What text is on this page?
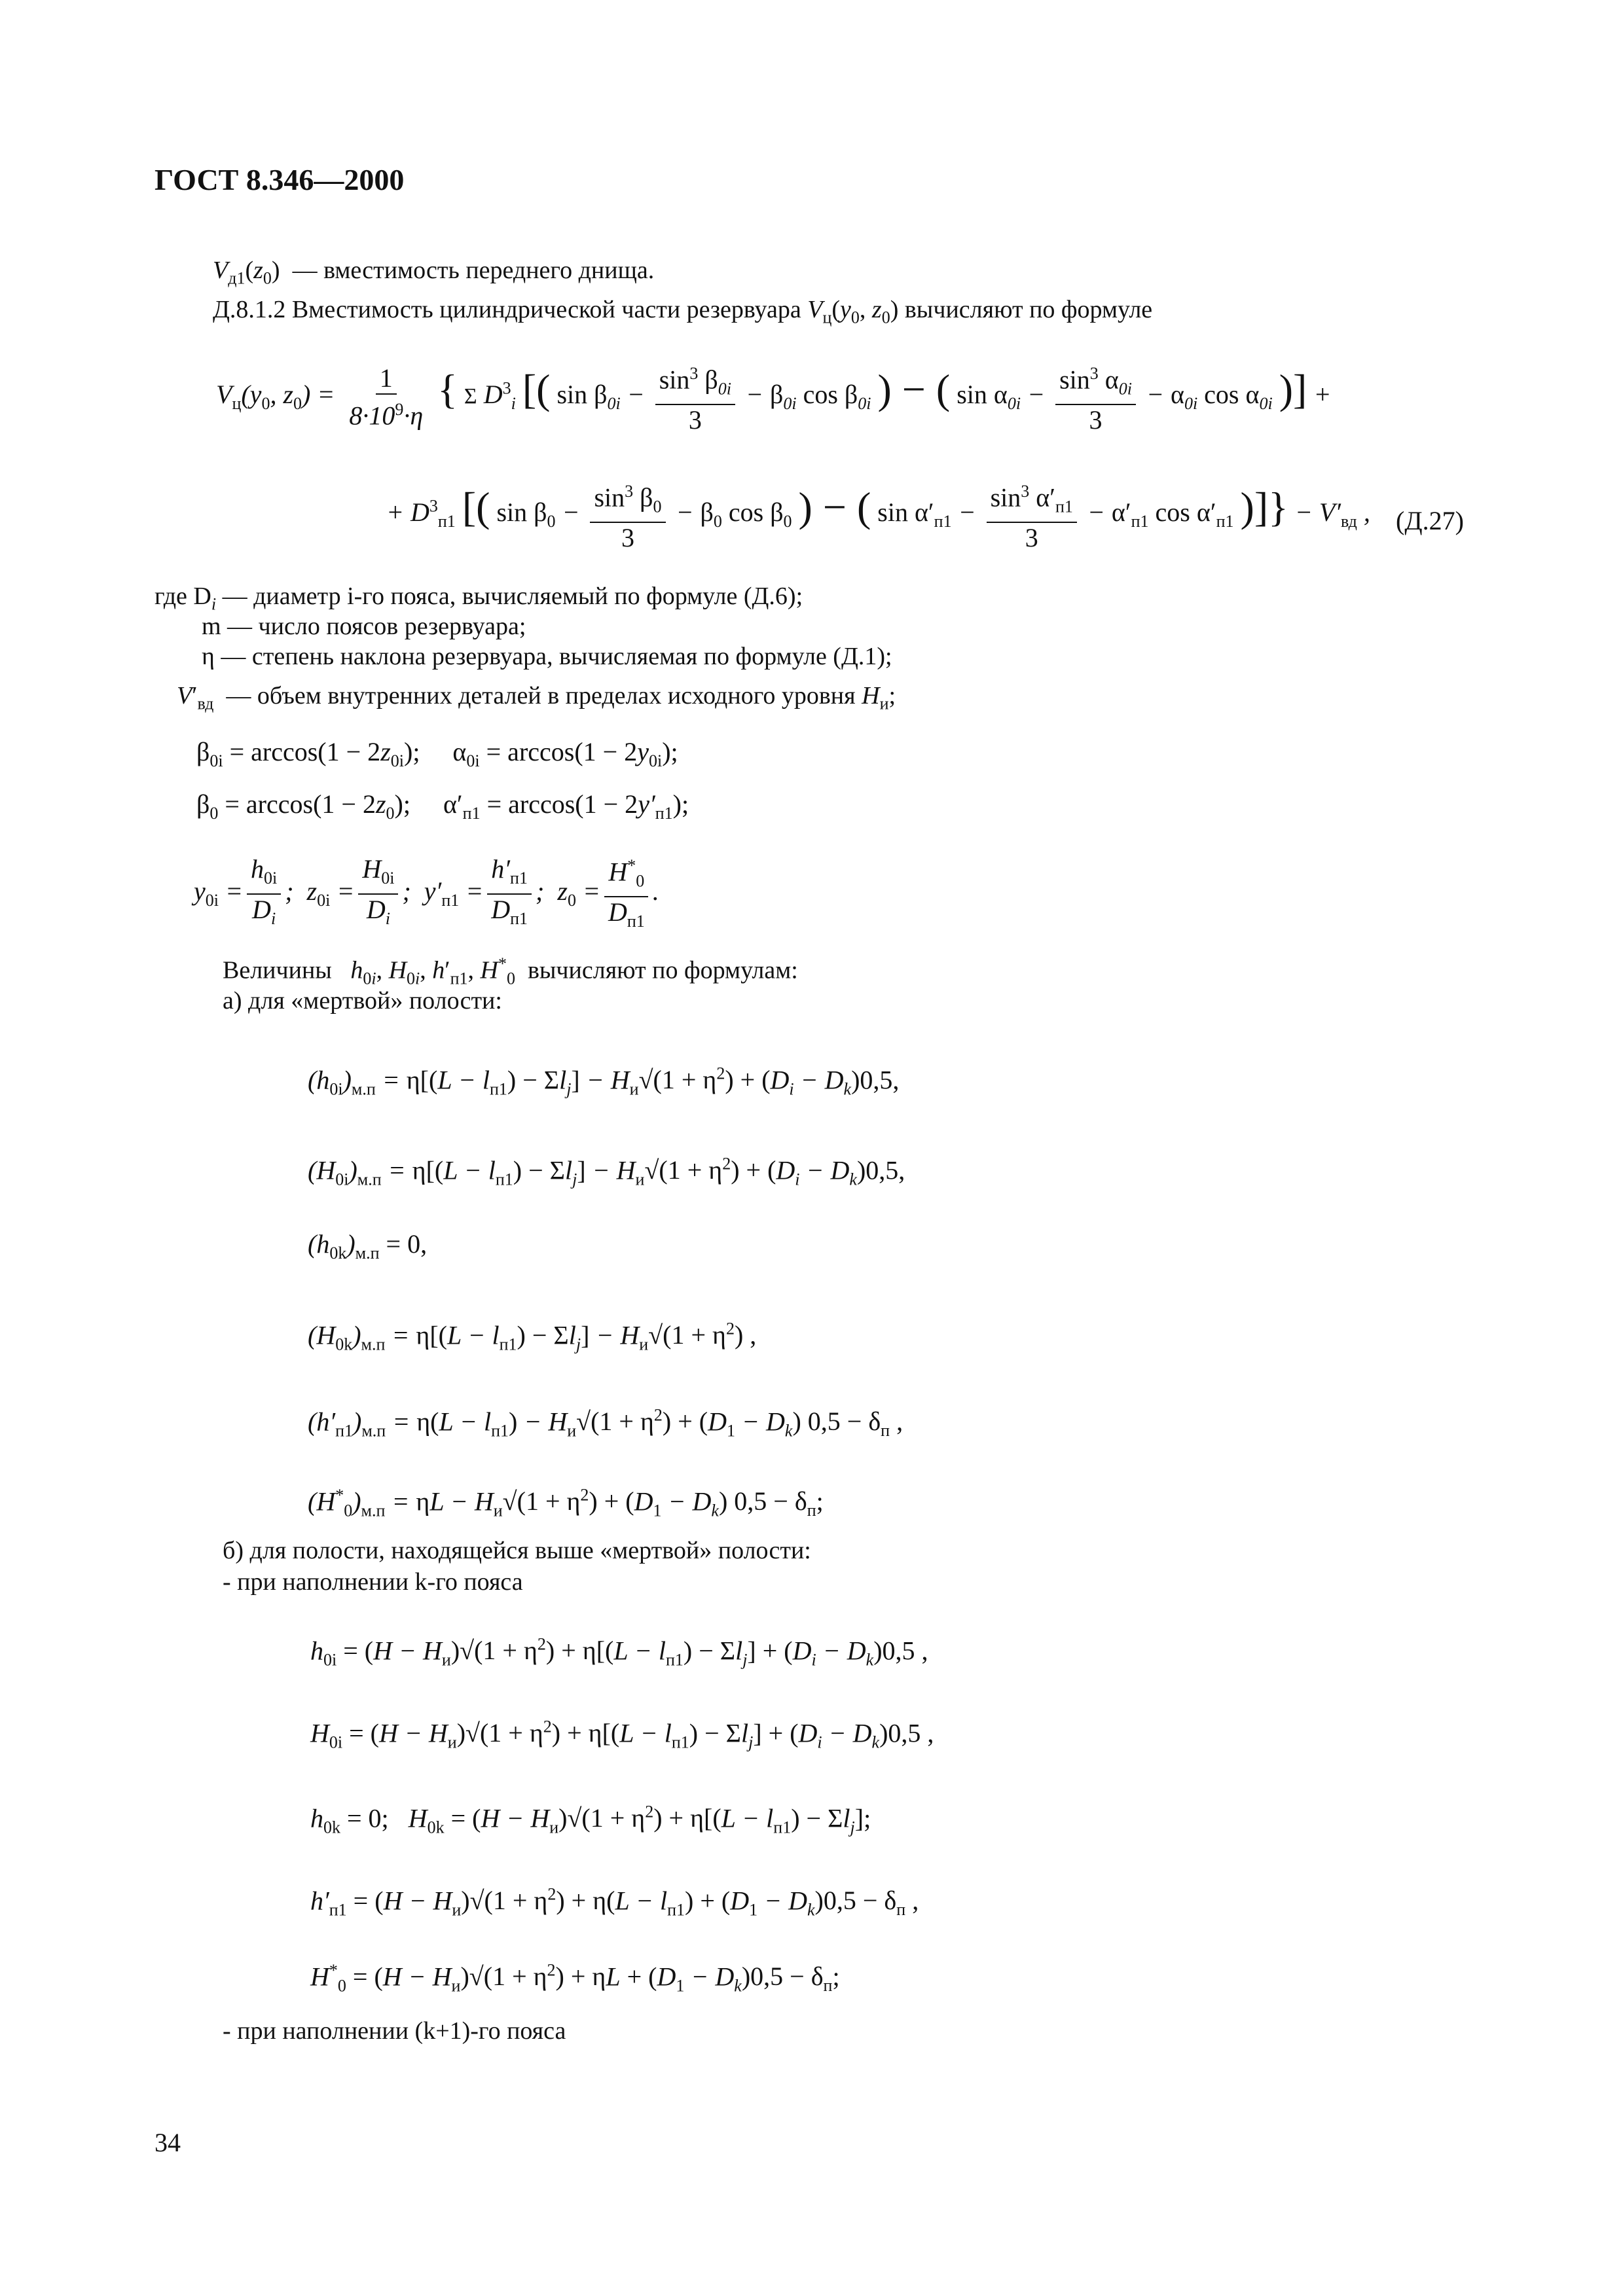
ГОСТ 8.346—2000
$V_{д1}(z_0)$  — вместимость переднего днища.
Д.8.1.2 Вместимость цилиндрической части резервуара $V_ц(y_0$, $z_0$) вычисляют по формуле
$V_ц(y_0$, $z_0) = \frac{1}{8\cdot 10^9\cdot\eta}$ { Σ $D^3_i$ [( $\sin \beta_{0i} - \frac{\sin^3 \beta_{0i}}{3} - \beta_{0i}$ $\cos \beta_{0i}$ ) − ( $\sin \alpha_{0i} - \frac{\sin^3 \alpha_{0i}}{3} - \alpha_{0i}$ $\cos \alpha_{0i}$ )] +
+ $D^3_{п1}$ [( $\sin \beta_0 - \frac{\sin^3 \beta_0}{3} - \beta_0$ $\cos \beta_0$ ) − ( $\sin \alpha'_{п1} - \frac{\sin^3 \alpha'_{п1}}{3} - \alpha'_{п1}$ $\cos \alpha'_{п1}$ )]} − $V'_{вд}$ , (Д.27)
где $D_i$ — диаметр i-го пояса, вычисляемый по формуле (Д.6);
m — число поясов резервуара;
η — степень наклона резервуара, вычисляемая по формуле (Д.1);
$V'_{вд}$ — объем внутренних деталей в пределах исходного уровня $H_и$;
$\beta_{0i} = \arccos(1 - 2z_{0i})$;     $\alpha_{0i} = \arccos(1 - 2y_{0i})$;
$\beta_0 = \arccos(1 - 2z_0)$;     $\alpha'_{п1} = \arccos(1 - 2y'_{п1})$;
$y_{0i} = \frac{h_{0i}}{D_i}$ ;  $z_{0i} = \frac{H_{0i}}{D_i}$ ;  $y'_{п1} = \frac{h'_{п1}}{D_{п1}}$ ;  $z_0 = \frac{H^*_0}{D_{п1}}$ .
Величины $h_{0i}$, $H_{0i}$, $h'_{п1}$, $H^*_0$ вычисляют по формулам:
а) для «мертвой» полости:
$(h_{0i})_{м.п} = \eta[(L - l_{п1}) - \Sigma l_j] - H_и√(1 + \eta^2) + (D_i - D_k)0,5$,
$(H_{0i})_{м.п} = \eta[(L - l_{п1}) - \Sigma l_j] - H_и√(1 + \eta^2) + (D_i - D_k)0,5$,
$(h_{0k})_{м.п} = 0$,
$(H_{0k})_{м.п} = \eta[(L - l_{п1}) - \Sigma l_j] - H_и√(1 + \eta^2)$ ,
$(h'_{п1})_{м.п} = \eta(L - l_{п1}) - H_и√(1 + \eta^2) + (D_1 - D_k) 0,5 - \delta_п$ ,
$(H^*_0)_{м.п} = \eta L - H_и√(1 + \eta^2) + (D_1 - D_k) 0,5 - \delta_п$;
б) для полости, находящейся выше «мертвой» полости:
- при наполнении k-го пояса
$h_{0i} = (H - H_и)√(1 + \eta^2) + \eta[(L - l_{п1}) - \Sigma l_j] + (D_i - D_k)0,5$ ,
$H_{0i} = (H - H_и)√(1 + \eta^2) + \eta[(L - l_{п1}) - \Sigma l_j] + (D_i - D_k)0,5$ ,
$h_{0k} = 0$;   $H_{0k} = (H - H_и)√(1 + \eta^2) + \eta[(L - l_{п1}) - \Sigma l_j]$;
$h'_{п1} = (H - H_и)√(1 + \eta^2) + \eta(L - l_{п1}) + (D_1 - D_k)0,5 - \delta_п$ ,
$H^*_0 = (H - H_и)√(1 + \eta^2) + \eta L + (D_1 - D_k)0,5 - \delta_п$;
- при наполнении (k+1)-го пояса
34
